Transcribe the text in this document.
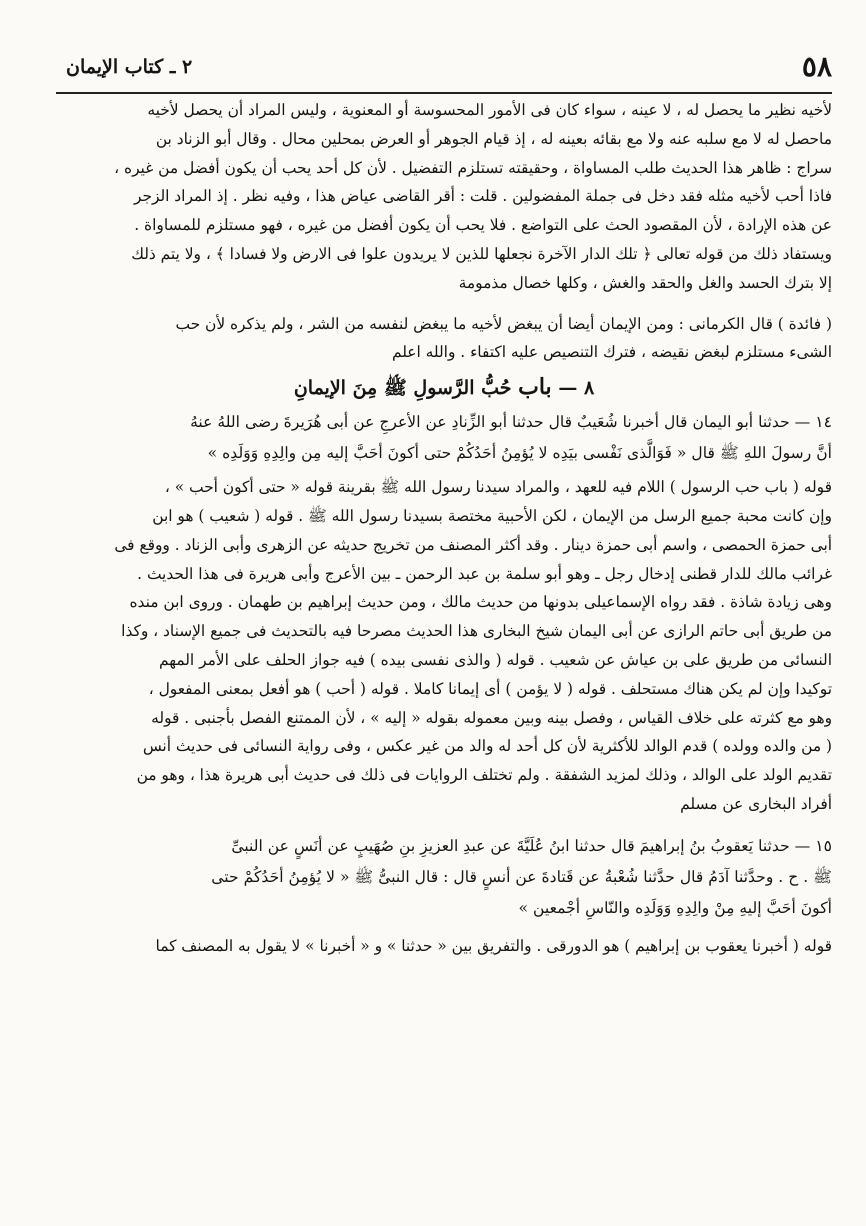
٥٨
٢ ـ كتاب الإيمان

لأخيه نظير ما يحصل له ، لا عينه ، سواء كان فى الأمور المحسوسة أو المعنوية ، وليس المراد أن يحصل لأخيه

ماحصل له لا مع سلبه عنه ولا مع بقائه بعينه له ، إذ قيام الجوهر أو العرض بمحلين محال . وقال أبو الزناد بن

سراج : ظاهر هذا الحديث طلب المساواة ، وحقيقته تستلزم التفضيل . لأن كل أحد يحب أن يكون أفضل من غيره ،

فاذا أحب لأخيه مثله فقد دخل فى جملة المفضولين . قلت : أقر القاضى عياض هذا ، وفيه نظر . إذ المراد الزجر

عن هذه الإرادة ، لأن المقصود الحث على التواضع . فلا يحب أن يكون أفضل من غيره ، فهو مستلزم للمساواة .

ويستفاد ذلك من قوله تعالى ﴿ تلك الدار الآخرة نجعلها للذين لا يريدون علوا فى الارض ولا فسادا ﴾ ، ولا يتم ذلك

إلا بترك الحسد والغل والحقد والغش ، وكلها خصال مذمومة

( فائدة ) قال الكرمانى : ومن الإيمان أيضا أن يبغض لأخيه ما يبغض لنفسه من الشر ، ولم يذكره لأن حب

الشىء مستلزم لبغض نقيضه ، فترك التنصيص عليه اكتفاء . والله اعلم

٨ — باب حُبُّ الرَّسولِ ﷺ مِنَ الإيمانِ

١٤ — حدثنا أبو اليمان قال أخبرنا شُعَيبٌ قال حدثنا أبو الزِّنادِ عن الأعرجِ عن أبى هُرَيرةَ رضى اللهُ عنهُ

أنَّ رسولَ اللهِ ﷺ قال « فَوَالَّذى نَفْسى بيَدِه لا يُؤمِنُ أحَدُكُمْ حتى أكونَ أحَبَّ إليه مِن والِدِهِ وَوَلَدِه »

قوله ( باب حب الرسول ) اللام فيه للعهد ، والمراد سيدنا رسول الله ﷺ بقرينة قوله « حتى أكون أحب » ،

وإن كانت محبة جميع الرسل من الإيمان ، لكن الأحبية مختصة بسيدنا رسول الله ﷺ . قوله ( شعيب ) هو ابن

أبى حمزة الحمصى ، واسم أبى حمزة دينار . وقد أكثر المصنف من تخريج حديثه عن الزهرى وأبى الزناد . ووقع فى

غرائب مالك للدار قطنى إدخال رجل ـ وهو أبو سلمة بن عبد الرحمن ـ بين الأعرج وأبى هريرة فى هذا الحديث .

وهى زيادة شاذة . فقد رواه الإسماعيلى بدونها من حديث مالك ، ومن حديث إبراهيم بن طهمان . وروى ابن منده

من طريق أبى حاتم الرازى عن أبى اليمان شيخ البخارى هذا الحديث مصرحا فيه بالتحديث فى جميع الإسناد ، وكذا

النسائى من طريق على بن عياش عن شعيب . قوله ( والذى نفسى بيده ) فيه جواز الحلف على الأمر المهم

توكيدا وإن لم يكن هناك مستحلف . قوله ( لا يؤمن ) أى إيمانا كاملا . قوله ( أحب ) هو أفعل بمعنى المفعول ،

وهو مع كثرته على خلاف القياس ، وفصل بينه وبين معموله بقوله « إليه » ، لأن الممتنع الفصل بأجنبى . قوله

( من والده وولده ) قدم الوالد للأكثرية لأن كل أحد له والد من غير عكس ، وفى رواية النسائى فى حديث أنس

تقديم الولد على الوالد ، وذلك لمزيد الشفقة . ولم تختلف الروايات فى ذلك فى حديث أبى هريرة هذا ، وهو من

أفراد البخارى عن مسلم

١٥ — حدثنا يَعقوبُ بنُ إبراهيمَ قال حدثنا ابنُ عُلَيَّةَ عن عبدِ العزيزِ بنِ صُهَيبٍ عن أنَسٍ عن النبىِّ

ﷺ . ح . وحدَّثنا آدَمُ قال حدَّثنا شُعْبةُ عن قَتادةَ عن أنسٍ قال : قال النبىُّ ﷺ « لا يُؤمِنُ أحَدُكُمْ حتى

أكونَ أحَبَّ إليهِ مِنْ والِدِهِ وَوَلَدِه والنّاسِ أجْمعين »

قوله ( أخبرنا يعقوب بن إبراهيم ) هو الدورقى . والتفريق بين « حدثنا » و « أخبرنا » لا يقول به المصنف كما
